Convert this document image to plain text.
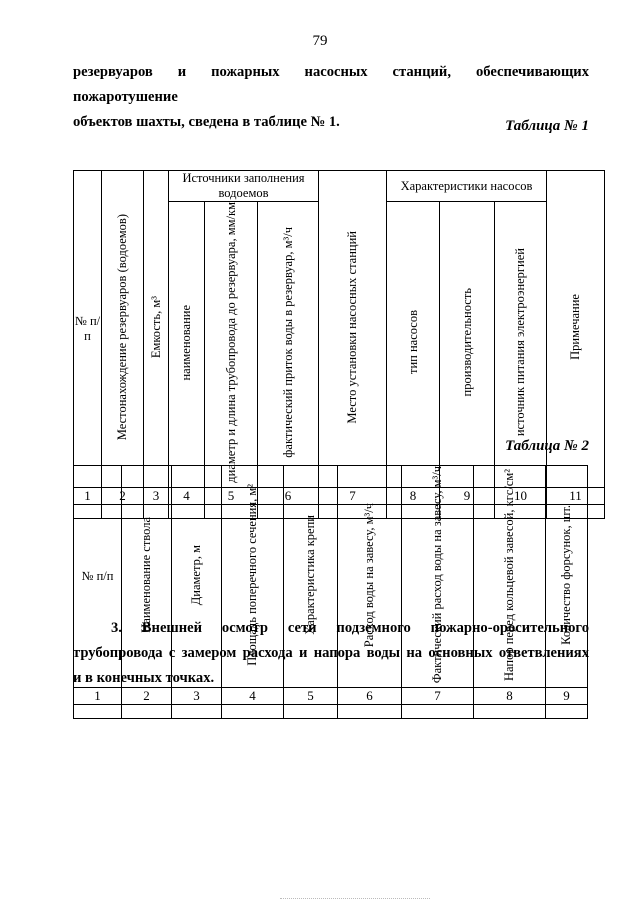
79

резервуаров и пожарных насосных станций, обеспечивающих пожаротушение
объектов шахты, сведена в таблице № 1.	Таблица № 1
№ п/п	Местонахождение резервуаров (водоемов)	Емкость, м³	Источники заполнения водоемов			Место установки насосных станций	Характеристики насосов			Примечание
			наименование	диаметр и длина трубопровода до резервуара, мм/км	фактический приток воды в резервуар, м³/ч		тип насосов	производительность	источник питания электроэнергией	
1	2	3	4	5	6	7	8	9	10	11

Таблица № 2
№ п/п	Наименование ствола	Диаметр, м	Площадь поперечного сечения, м²	Характеристика крепи	Расход воды на завесу, м³/ч	Фактический расход воды на завесу, м³/ч	Напор перед кольцевой завесой, кгс/см²	Количество форсунок, шт.
1	2	3	4	5	6	7	8	9

3. Внешней осмотр сети подземного пожарно-оросительного
трубопровода с замером расхода и напора воды на основных ответвлениях
и в конечных точках.
